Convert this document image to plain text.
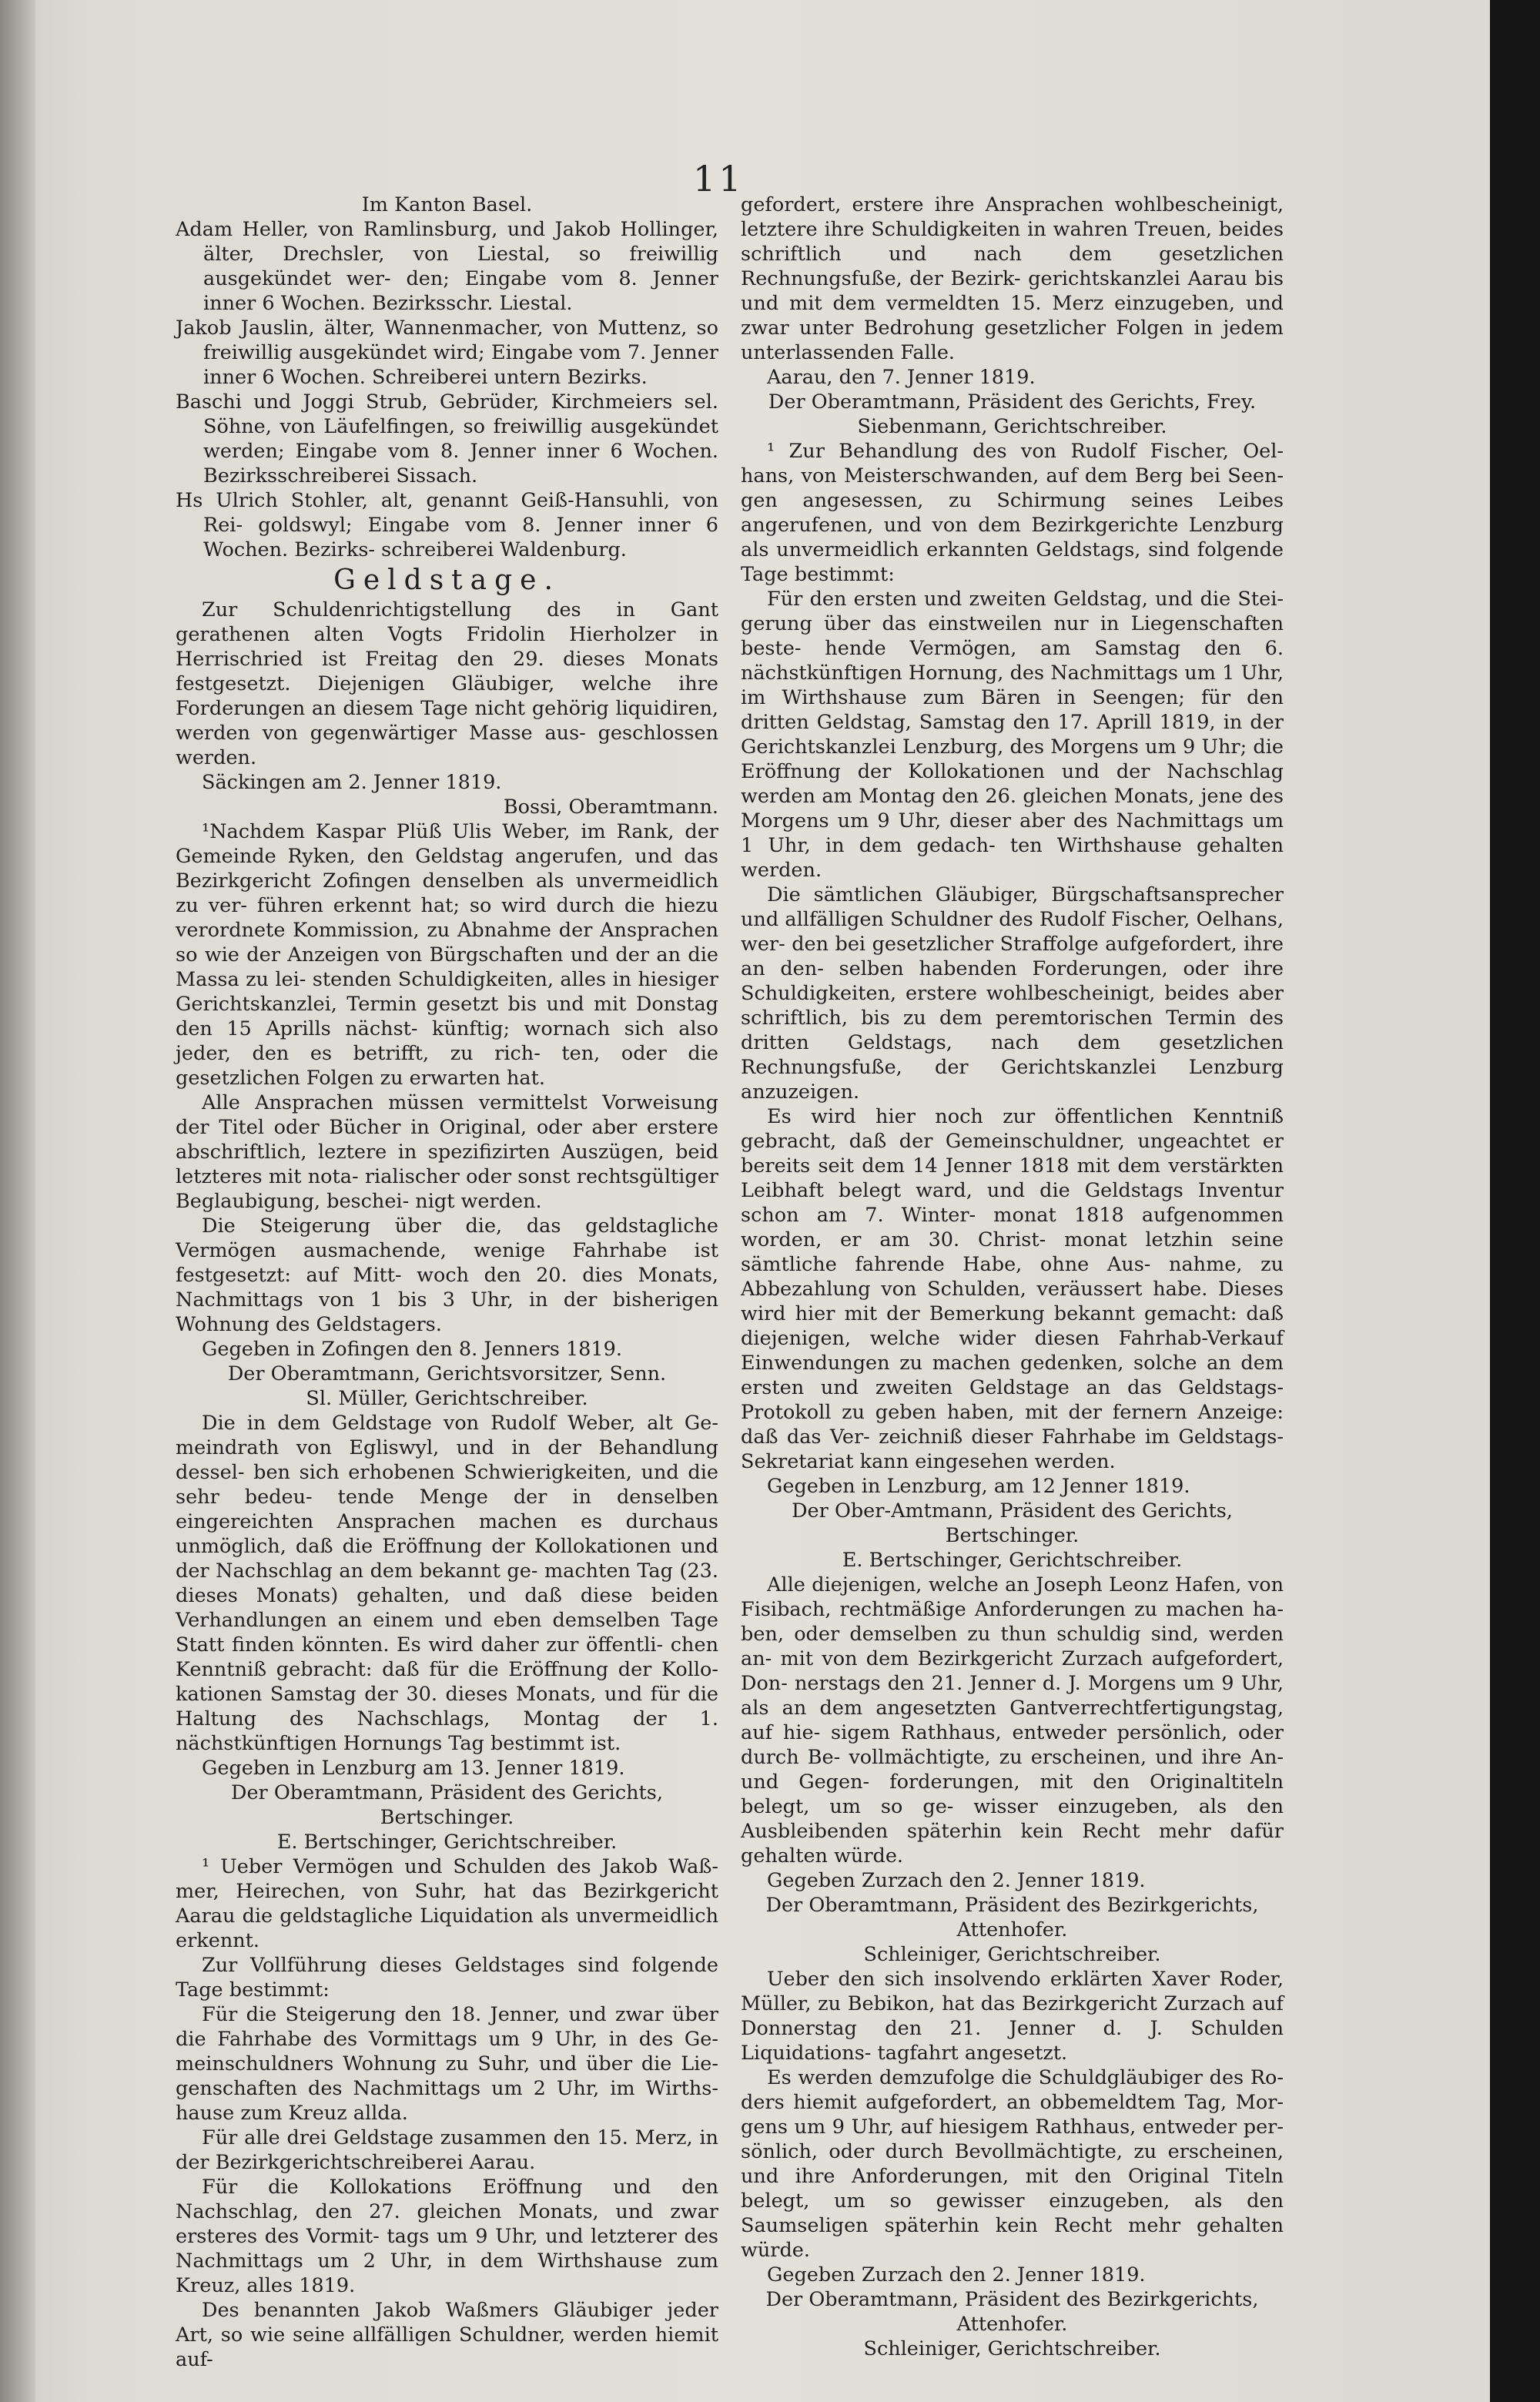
11

Im Kanton Basel.

Adam Heller, von Ramlinsburg, und Jakob Hollinger, älter, Drechsler, von Liestal, so freiwillig ausgekündet wer- den; Eingabe vom 8. Jenner inner 6 Wochen. Bezirksschr. Liestal.

Jakob Jauslin, älter, Wannenmacher, von Muttenz, so freiwillig ausgekündet wird; Eingabe vom 7. Jenner inner 6 Wochen. Schreiberei untern Bezirks.

Baschi und Joggi Strub, Gebrüder, Kirchmeiers sel. Söhne, von Läufelfingen, so freiwillig ausgekündet werden; Eingabe vom 8. Jenner inner 6 Wochen. Bezirksschreiberei Sissach.

Hs Ulrich Stohler, alt, genannt Geiß-Hansuhli, von Rei- goldswyl; Eingabe vom 8. Jenner inner 6 Wochen. Bezirks- schreiberei Waldenburg.

Geldstage.

Zur Schuldenrichtigstellung des in Gant gerathenen alten Vogts Fridolin Hierholzer in Herrischried ist Freitag den 29. dieses Monats festgesetzt. Diejenigen Gläubiger, welche ihre Forderungen an diesem Tage nicht gehörig liquidiren, werden von gegenwärtiger Masse aus- geschlossen werden.

Säckingen am 2. Jenner 1819.

Bossi, Oberamtmann.

¹Nachdem Kaspar Plüß Ulis Weber, im Rank, der Gemeinde Ryken, den Geldstag angerufen, und das Bezirkgericht Zofingen denselben als unvermeidlich zu ver- führen erkennt hat; so wird durch die hiezu verordnete Kommission, zu Abnahme der Ansprachen so wie der Anzeigen von Bürgschaften und der an die Massa zu lei- stenden Schuldigkeiten, alles in hiesiger Gerichtskanzlei, Termin gesetzt bis und mit Donstag den 15 Aprills nächst- künftig; wornach sich also jeder, den es betrifft, zu rich- ten, oder die gesetzlichen Folgen zu erwarten hat.

Alle Ansprachen müssen vermittelst Vorweisung der Titel oder Bücher in Original, oder aber erstere abschriftlich, leztere in spezifizirten Auszügen, beid letzteres mit nota- rialischer oder sonst rechtsgültiger Beglaubigung, beschei- nigt werden.

Die Steigerung über die, das geldstagliche Vermögen ausmachende, wenige Fahrhabe ist festgesetzt: auf Mitt- woch den 20. dies Monats, Nachmittags von 1 bis 3 Uhr, in der bisherigen Wohnung des Geldstagers.

Gegeben in Zofingen den 8. Jenners 1819.

Der Oberamtmann, Gerichtsvorsitzer, Senn.

Sl. Müller, Gerichtschreiber.

Die in dem Geldstage von Rudolf Weber, alt Ge- meindrath von Egliswyl, und in der Behandlung dessel- ben sich erhobenen Schwierigkeiten, und die sehr bedeu- tende Menge der in denselben eingereichten Ansprachen machen es durchaus unmöglich, daß die Eröffnung der Kollokationen und der Nachschlag an dem bekannt ge- machten Tag (23. dieses Monats) gehalten, und daß diese beiden Verhandlungen an einem und eben demselben Tage Statt finden könnten. Es wird daher zur öffentli- chen Kenntniß gebracht: daß für die Eröffnung der Kollo- kationen Samstag der 30. dieses Monats, und für die Haltung des Nachschlags, Montag der 1. nächstkünftigen Hornungs Tag bestimmt ist.

Gegeben in Lenzburg am 13. Jenner 1819.

Der Oberamtmann, Präsident des Gerichts, Bertschinger.

E. Bertschinger, Gerichtschreiber.

¹ Ueber Vermögen und Schulden des Jakob Waß- mer, Heirechen, von Suhr, hat das Bezirkgericht Aarau die geldstagliche Liquidation als unvermeidlich erkennt.

Zur Vollführung dieses Geldstages sind folgende Tage bestimmt:

Für die Steigerung den 18. Jenner, und zwar über die Fahrhabe des Vormittags um 9 Uhr, in des Ge- meinschuldners Wohnung zu Suhr, und über die Lie- genschaften des Nachmittags um 2 Uhr, im Wirths- hause zum Kreuz allda.

Für alle drei Geldstage zusammen den 15. Merz, in der Bezirkgerichtschreiberei Aarau.

Für die Kollokations Eröffnung und den Nachschlag, den 27. gleichen Monats, und zwar ersteres des Vormit- tags um 9 Uhr, und letzterer des Nachmittags um 2 Uhr, in dem Wirthshause zum Kreuz, alles 1819.

Des benannten Jakob Waßmers Gläubiger jeder Art, so wie seine allfälligen Schuldner, werden hiemit auf-

gefordert, erstere ihre Ansprachen wohlbescheinigt, letztere ihre Schuldigkeiten in wahren Treuen, beides schriftlich und nach dem gesetzlichen Rechnungsfuße, der Bezirk- gerichtskanzlei Aarau bis und mit dem vermeldten 15. Merz einzugeben, und zwar unter Bedrohung gesetzlicher Folgen in jedem unterlassenden Falle.

Aarau, den 7. Jenner 1819.

Der Oberamtmann, Präsident des Gerichts, Frey.

Siebenmann, Gerichtschreiber.

¹ Zur Behandlung des von Rudolf Fischer, Oel- hans, von Meisterschwanden, auf dem Berg bei Seen- gen angesessen, zu Schirmung seines Leibes angerufenen, und von dem Bezirkgerichte Lenzburg als unvermeidlich erkannten Geldstags, sind folgende Tage bestimmt:

Für den ersten und zweiten Geldstag, und die Stei- gerung über das einstweilen nur in Liegenschaften beste- hende Vermögen, am Samstag den 6. nächstkünftigen Hornung, des Nachmittags um 1 Uhr, im Wirthshause zum Bären in Seengen; für den dritten Geldstag, Samstag den 17. Aprill 1819, in der Gerichtskanzlei Lenzburg, des Morgens um 9 Uhr; die Eröffnung der Kollokationen und der Nachschlag werden am Montag den 26. gleichen Monats, jene des Morgens um 9 Uhr, dieser aber des Nachmittags um 1 Uhr, in dem gedach- ten Wirthshause gehalten werden.

Die sämtlichen Gläubiger, Bürgschaftsansprecher und allfälligen Schuldner des Rudolf Fischer, Oelhans, wer- den bei gesetzlicher Straffolge aufgefordert, ihre an den- selben habenden Forderungen, oder ihre Schuldigkeiten, erstere wohlbescheinigt, beides aber schriftlich, bis zu dem peremtorischen Termin des dritten Geldstags, nach dem gesetzlichen Rechnungsfuße, der Gerichtskanzlei Lenzburg anzuzeigen.

Es wird hier noch zur öffentlichen Kenntniß gebracht, daß der Gemeinschuldner, ungeachtet er bereits seit dem 14 Jenner 1818 mit dem verstärkten Leibhaft belegt ward, und die Geldstags Inventur schon am 7. Winter- monat 1818 aufgenommen worden, er am 30. Christ- monat letzhin seine sämtliche fahrende Habe, ohne Aus- nahme, zu Abbezahlung von Schulden, veräussert habe. Dieses wird hier mit der Bemerkung bekannt gemacht: daß diejenigen, welche wider diesen Fahrhab-Verkauf Einwendungen zu machen gedenken, solche an dem ersten und zweiten Geldstage an das Geldstags-Protokoll zu geben haben, mit der fernern Anzeige: daß das Ver- zeichniß dieser Fahrhabe im Geldstags-Sekretariat kann eingesehen werden.

Gegeben in Lenzburg, am 12 Jenner 1819.

Der Ober-Amtmann, Präsident des Gerichts, Bertschinger.

E. Bertschinger, Gerichtschreiber.

Alle diejenigen, welche an Joseph Leonz Hafen, von Fisibach, rechtmäßige Anforderungen zu machen ha- ben, oder demselben zu thun schuldig sind, werden an- mit von dem Bezirkgericht Zurzach aufgefordert, Don- nerstags den 21. Jenner d. J. Morgens um 9 Uhr, als an dem angesetzten Gantverrechtfertigungstag, auf hie- sigem Rathhaus, entweder persönlich, oder durch Be- vollmächtigte, zu erscheinen, und ihre An- und Gegen- forderungen, mit den Originaltiteln belegt, um so ge- wisser einzugeben, als den Ausbleibenden späterhin kein Recht mehr dafür gehalten würde.

Gegeben Zurzach den 2. Jenner 1819.

Der Oberamtmann, Präsident des Bezirkgerichts, Attenhofer.

Schleiniger, Gerichtschreiber.

Ueber den sich insolvendo erklärten Xaver Roder, Müller, zu Bebikon, hat das Bezirkgericht Zurzach auf Donnerstag den 21. Jenner d. J. Schulden Liquidations- tagfahrt angesetzt.

Es werden demzufolge die Schuldgläubiger des Ro- ders hiemit aufgefordert, an obbemeldtem Tag, Mor- gens um 9 Uhr, auf hiesigem Rathhaus, entweder per- sönlich, oder durch Bevollmächtigte, zu erscheinen, und ihre Anforderungen, mit den Original Titeln belegt, um so gewisser einzugeben, als den Saumseligen späterhin kein Recht mehr gehalten würde.

Gegeben Zurzach den 2. Jenner 1819.

Der Oberamtmann, Präsident des Bezirkgerichts, Attenhofer.

Schleiniger, Gerichtschreiber.
